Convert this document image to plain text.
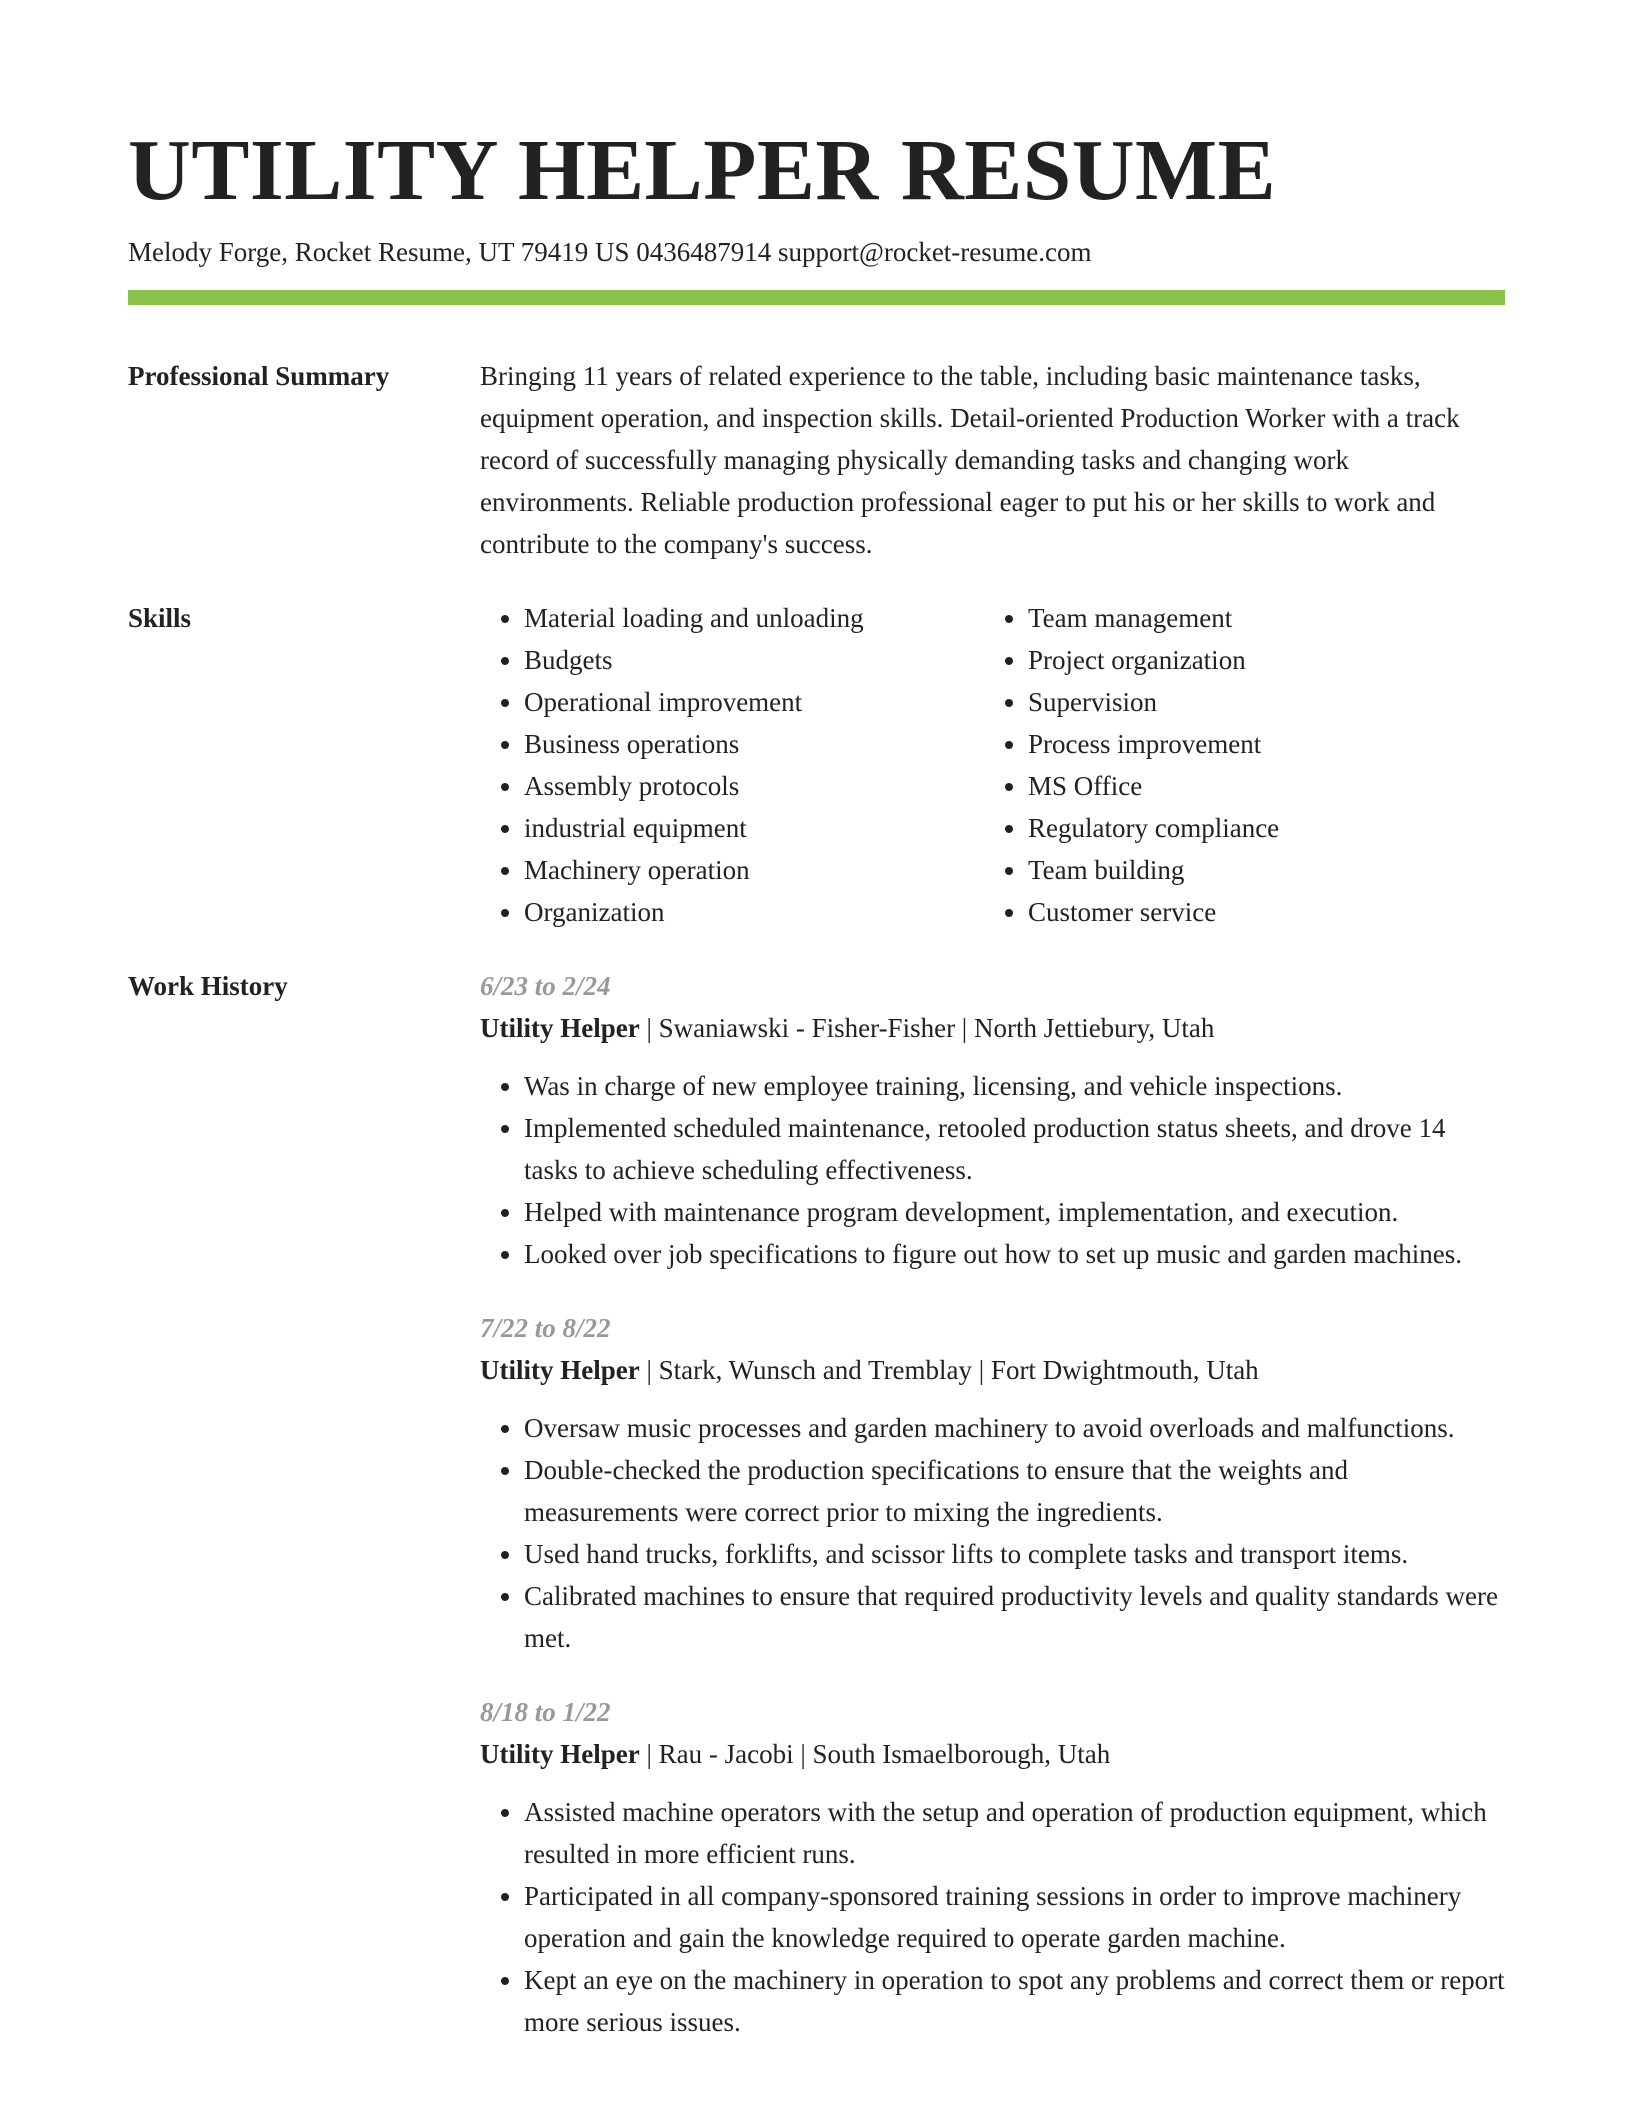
UTILITY HELPER RESUME
Melody Forge, Rocket Resume, UT 79419 US 0436487914 support@rocket-resume.com
Professional Summary	Bringing 11 years of related experience to the table, including basic maintenance tasks, equipment operation, and inspection skills. Detail-oriented Production Worker with a track record of successfully managing physically demanding tasks and changing work environments. Reliable production professional eager to put his or her skills to work and contribute to the company's success.
Skills
•	Material loading and unloading
• Budgets
• Operational improvement
• Business operations
• Assembly protocols
• industrial equipment
• Machinery operation
• Organization
• Team management
• Project organization
• Supervision
• Process improvement
• MS Office
• Regulatory compliance
• Team building
• Customer service
Work History	6/23 to 2/24
Utility Helper | Swaniawski - Fisher-Fisher | North Jettiebury, Utah
• Was in charge of new employee training, licensing, and vehicle inspections.
• Implemented scheduled maintenance, retooled production status sheets, and drove 14 tasks to achieve scheduling effectiveness.
• Helped with maintenance program development, implementation, and execution.
• Looked over job specifications to figure out how to set up music and garden machines.
7/22 to 8/22
Utility Helper | Stark, Wunsch and Tremblay | Fort Dwightmouth, Utah
• Oversaw music processes and garden machinery to avoid overloads and malfunctions.
• Double-checked the production specifications to ensure that the weights and measurements were correct prior to mixing the ingredients.
• Used hand trucks, forklifts, and scissor lifts to complete tasks and transport items.
• Calibrated machines to ensure that required productivity levels and quality standards were met.
8/18 to 1/22
Utility Helper | Rau - Jacobi | South Ismaelborough, Utah
• Assisted machine operators with the setup and operation of production equipment, which resulted in more efficient runs.
• Participated in all company-sponsored training sessions in order to improve machinery operation and gain the knowledge required to operate garden machine.
• Kept an eye on the machinery in operation to spot any problems and correct them or report more serious issues.
